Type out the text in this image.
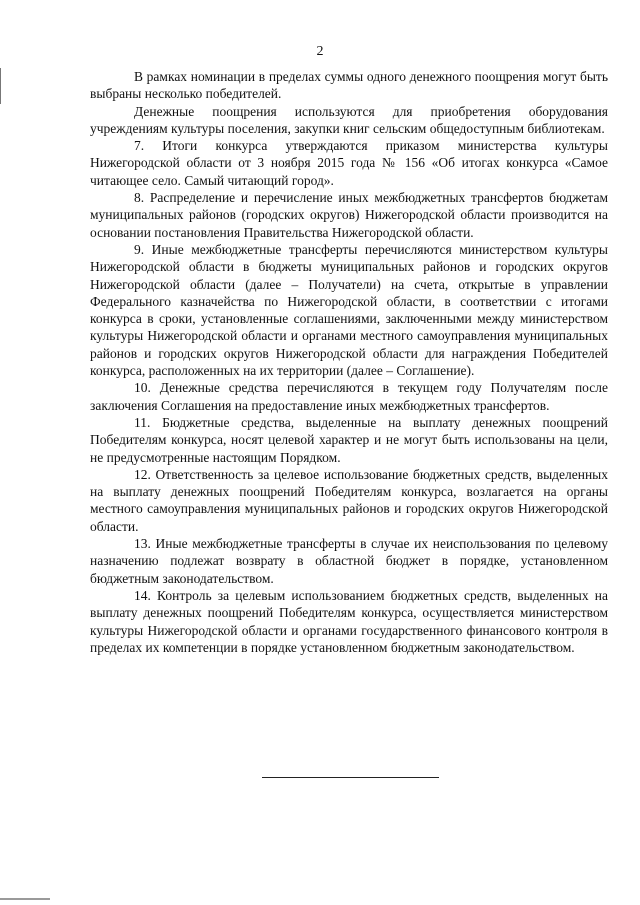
2

В рамках номинации в пределах суммы одного денежного поощрения могут быть выбраны несколько победителей.

Денежные поощрения используются для приобретения оборудования учреждениям культуры поселения, закупки книг сельским общедоступным библиотекам.

7. Итоги конкурса утверждаются приказом министерства культуры Нижегородской области от 3 ноября 2015 года № 156 «Об итогах конкурса «Самое читающее село. Самый читающий город».

8. Распределение и перечисление иных межбюджетных трансфертов бюджетам муниципальных районов (городских округов) Нижегородской области производится на основании постановления Правительства Нижегородской области.

9. Иные межбюджетные трансферты перечисляются министерством культуры Нижегородской области в бюджеты муниципальных районов и городских округов Нижегородской области (далее – Получатели) на счета, открытые в управлении Федерального казначейства по Нижегородской области, в соответствии с итогами конкурса в сроки, установленные соглашениями, заключенными между министерством культуры Нижегородской области и органами местного самоуправления муниципальных районов и городских округов Нижегородской области для награждения Победителей конкурса, расположенных на их территории (далее – Соглашение).

10. Денежные средства перечисляются в текущем году Получателям после заключения Соглашения на предоставление иных межбюджетных трансфертов.

11. Бюджетные средства, выделенные на выплату денежных поощрений Победителям конкурса, носят целевой характер и не могут быть использованы на цели, не предусмотренные настоящим Порядком.

12. Ответственность за целевое использование бюджетных средств, выделенных на выплату денежных поощрений Победителям конкурса, возлагается на органы местного самоуправления муниципальных районов и городских округов Нижегородской области.

13. Иные межбюджетные трансферты в случае их неиспользования по целевому назначению подлежат возврату в областной бюджет в порядке, установленном бюджетным законодательством.

14. Контроль за целевым использованием бюджетных средств, выделенных на выплату денежных поощрений Победителям конкурса, осуществляется министерством культуры Нижегородской области и органами государственного финансового контроля в пределах их компетенции в порядке установленном бюджетным законодательством.
